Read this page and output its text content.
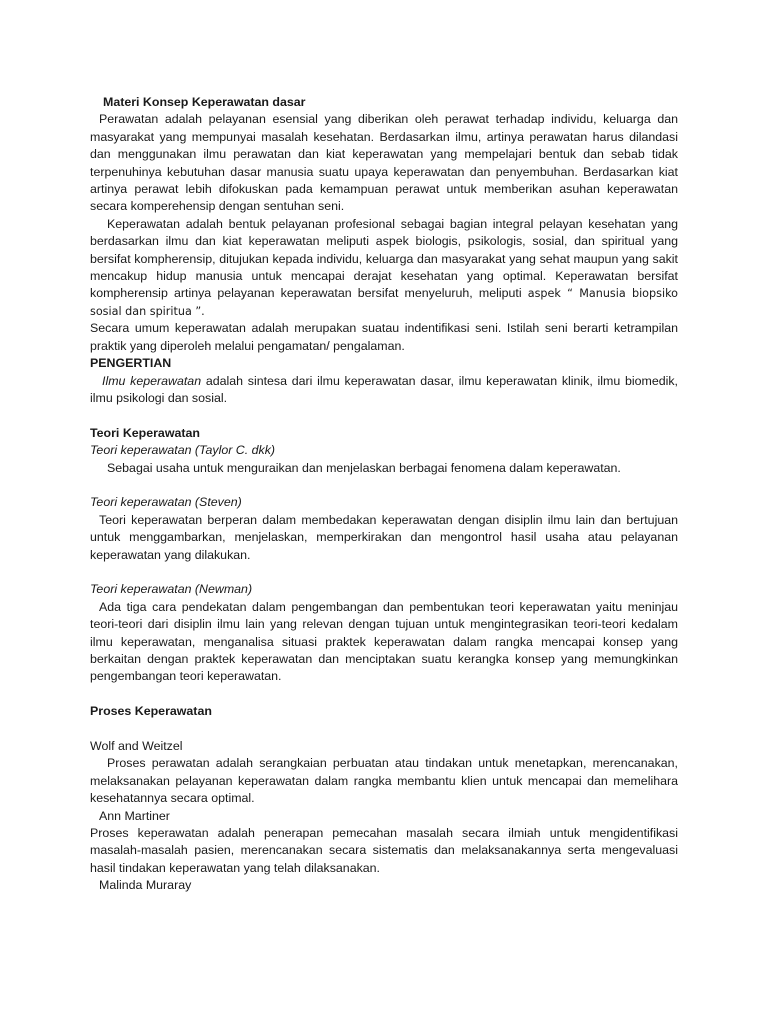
Materi Konsep Keperawatan dasar

Perawatan adalah pelayanan esensial yang diberikan oleh perawat terhadap individu, keluarga dan masyarakat yang mempunyai masalah kesehatan. Berdasarkan ilmu, artinya perawatan harus dilandasi dan menggunakan ilmu perawatan dan kiat keperawatan yang mempelajari bentuk dan sebab tidak terpenuhinya kebutuhan dasar manusia suatu upaya keperawatan dan penyembuhan. Berdasarkan kiat artinya perawat lebih difokuskan pada kemampuan perawat untuk memberikan asuhan keperawatan secara komperehensip dengan sentuhan seni.

Keperawatan adalah bentuk pelayanan profesional sebagai bagian integral pelayan kesehatan yang berdasarkan ilmu dan kiat keperawatan meliputi aspek biologis, psikologis, sosial, dan spiritual yang bersifat kompherensip, ditujukan kepada individu, keluarga dan masyarakat yang sehat maupun yang sakit mencakup hidup manusia untuk mencapai derajat kesehatan yang optimal. Keperawatan bersifat kompherensip artinya pelayanan keperawatan bersifat menyeluruh, meliputi aspek “ Manusia biopsiko sosial dan spiritua ”.

Secara umum keperawatan adalah merupakan suatau indentifikasi seni. Istilah seni berarti ketrampilan praktik yang diperoleh melalui pengamatan/ pengalaman.

PENGERTIAN

Ilmu keperawatan adalah sintesa dari ilmu keperawatan dasar, ilmu keperawatan klinik, ilmu biomedik, ilmu psikologi dan sosial.

Teori Keperawatan

Teori keperawatan (Taylor C. dkk)

Sebagai usaha untuk menguraikan dan menjelaskan berbagai fenomena dalam keperawatan.

Teori keperawatan (Steven)

Teori keperawatan berperan dalam membedakan keperawatan dengan disiplin ilmu lain dan bertujuan untuk menggambarkan, menjelaskan, memperkirakan dan mengontrol hasil usaha atau pelayanan keperawatan yang dilakukan.

Teori keperawatan (Newman)

Ada tiga cara pendekatan dalam pengembangan dan pembentukan teori keperawatan yaitu meninjau teori-teori dari disiplin ilmu lain yang relevan dengan tujuan untuk mengintegrasikan teori-teori kedalam ilmu keperawatan, menganalisa situasi praktek keperawatan dalam rangka mencapai konsep yang berkaitan dengan praktek keperawatan dan menciptakan suatu kerangka konsep yang memungkinkan pengembangan teori keperawatan.

Proses Keperawatan

Wolf and Weitzel

Proses perawatan adalah serangkaian perbuatan atau tindakan untuk menetapkan, merencanakan, melaksanakan pelayanan keperawatan dalam rangka membantu klien untuk mencapai dan memelihara kesehatannya secara optimal.

Ann Martiner

Proses keperawatan adalah penerapan pemecahan masalah secara ilmiah untuk mengidentifikasi masalah-masalah pasien, merencanakan secara sistematis dan melaksanakannya serta mengevaluasi hasil tindakan keperawatan yang telah dilaksanakan.

Malinda Muraray
